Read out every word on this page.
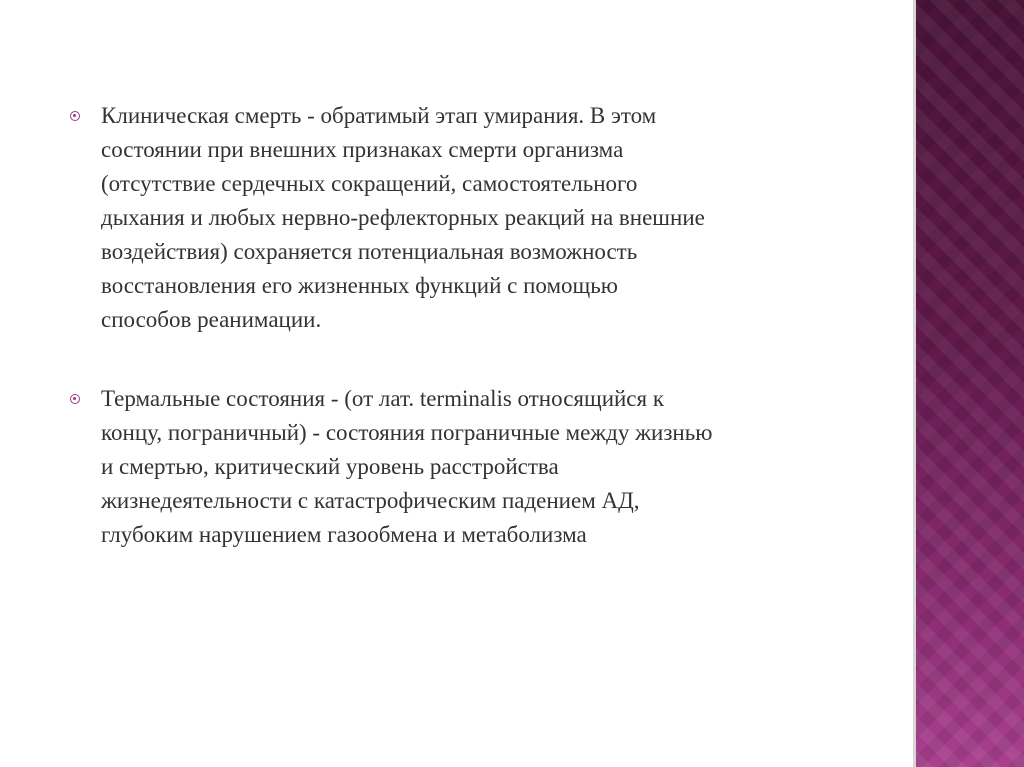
Клиническая смерть - обратимый этап умирания. В этом
состоянии при внешних признаках смерти организма
(отсутствие сердечных сокращений, самостоятельного
дыхания и любых нервно-рефлекторных реакций на внешние
воздействия) сохраняется потенциальная возможность
восстановления его жизненных функций с помощью
способов реанимации.
Термальные состояния - (от лат. terminalis относящийся к
концу, пограничный) - состояния пограничные между жизнью
и смертью, критический уровень расстройства
жизнедеятельности с катастрофическим падением АД,
глубоким нарушением газообмена и метаболизма
